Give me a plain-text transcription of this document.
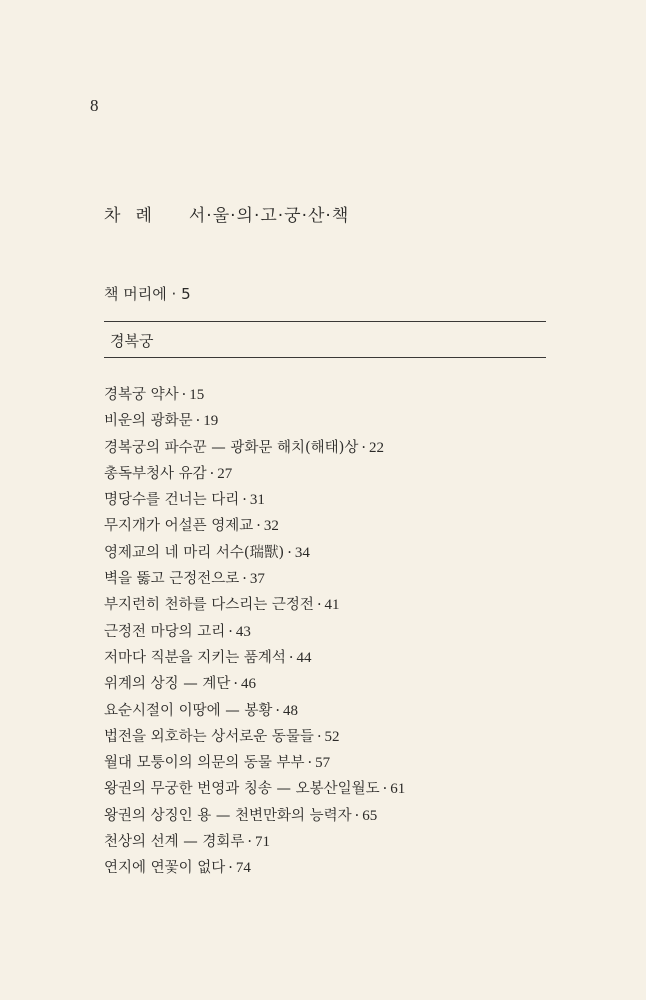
8
차 례 서·울·의·고·궁·산·책
책 머리에 · 5
경복궁
경복궁 약사 · 15
비운의 광화문 · 19
경복궁의 파수꾼 — 광화문 해치(해태)상 · 22
총독부청사 유감 · 27
명당수를 건너는 다리 · 31
무지개가 어설픈 영제교 · 32
영제교의 네 마리 서수(瑞獸) · 34
벽을 뚫고 근정전으로 · 37
부지런히 천하를 다스리는 근정전 · 41
근정전 마당의 고리 · 43
저마다 직분을 지키는 품계석 · 44
위계의 상징 — 계단 · 46
요순시절이 이땅에 — 봉황 · 48
법전을 외호하는 상서로운 동물들 · 52
월대 모퉁이의 의문의 동물 부부 · 57
왕권의 무궁한 번영과 칭송 — 오봉산일월도 · 61
왕권의 상징인 용 — 천변만화의 능력자 · 65
천상의 선계 — 경회루 · 71
연지에 연꽃이 없다 · 74
